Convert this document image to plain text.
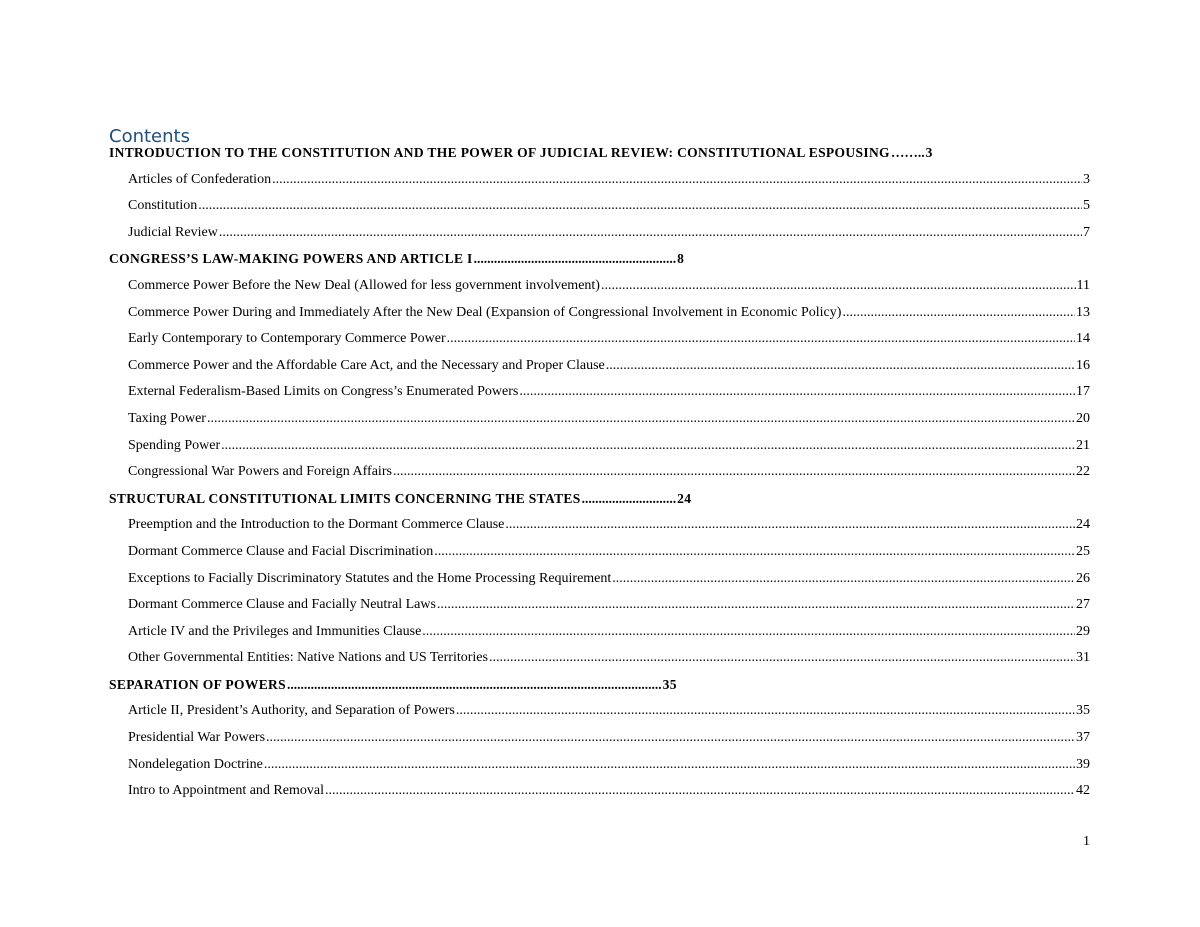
Contents
INTRODUCTION TO THE CONSTITUTION AND THE POWER OF JUDICIAL REVIEW: CONSTITUTIONAL ESPOUSING …….. 3
Articles of Confederation .....	3
Constitution .....	5
Judicial Review .....	7
CONGRESS’S LAW-MAKING POWERS AND ARTICLE I ............................................................ 8
Commerce Power Before the New Deal (Allowed for less government involvement) .....	11
Commerce Power During and Immediately After the New Deal (Expansion of Congressional Involvement in Economic Policy) .....	13
Early Contemporary to Contemporary Commerce Power .....	14
Commerce Power and the Affordable Care Act, and the Necessary and Proper Clause .....	16
External Federalism-Based Limits on Congress’s Enumerated Powers .....	17
Taxing Power .....	20
Spending Power .....	21
Congressional War Powers and Foreign Affairs .....	22
STRUCTURAL CONSTITUTIONAL LIMITS CONCERNING THE STATES ............................ 24
Preemption and the Introduction to the Dormant Commerce Clause .....	24
Dormant Commerce Clause and Facial Discrimination .....	25
Exceptions to Facially Discriminatory Statutes and the Home Processing Requirement .....	26
Dormant Commerce Clause and Facially Neutral Laws .....	27
Article IV and the Privileges and Immunities Clause .....	29
Other Governmental Entities: Native Nations and US Territories .....	31
SEPARATION OF POWERS ............................................................................................................... 35
Article II, President’s Authority, and Separation of Powers .....	35
Presidential War Powers .....	37
Nondelegation Doctrine .....	39
Intro to Appointment and Removal .....	42
1
